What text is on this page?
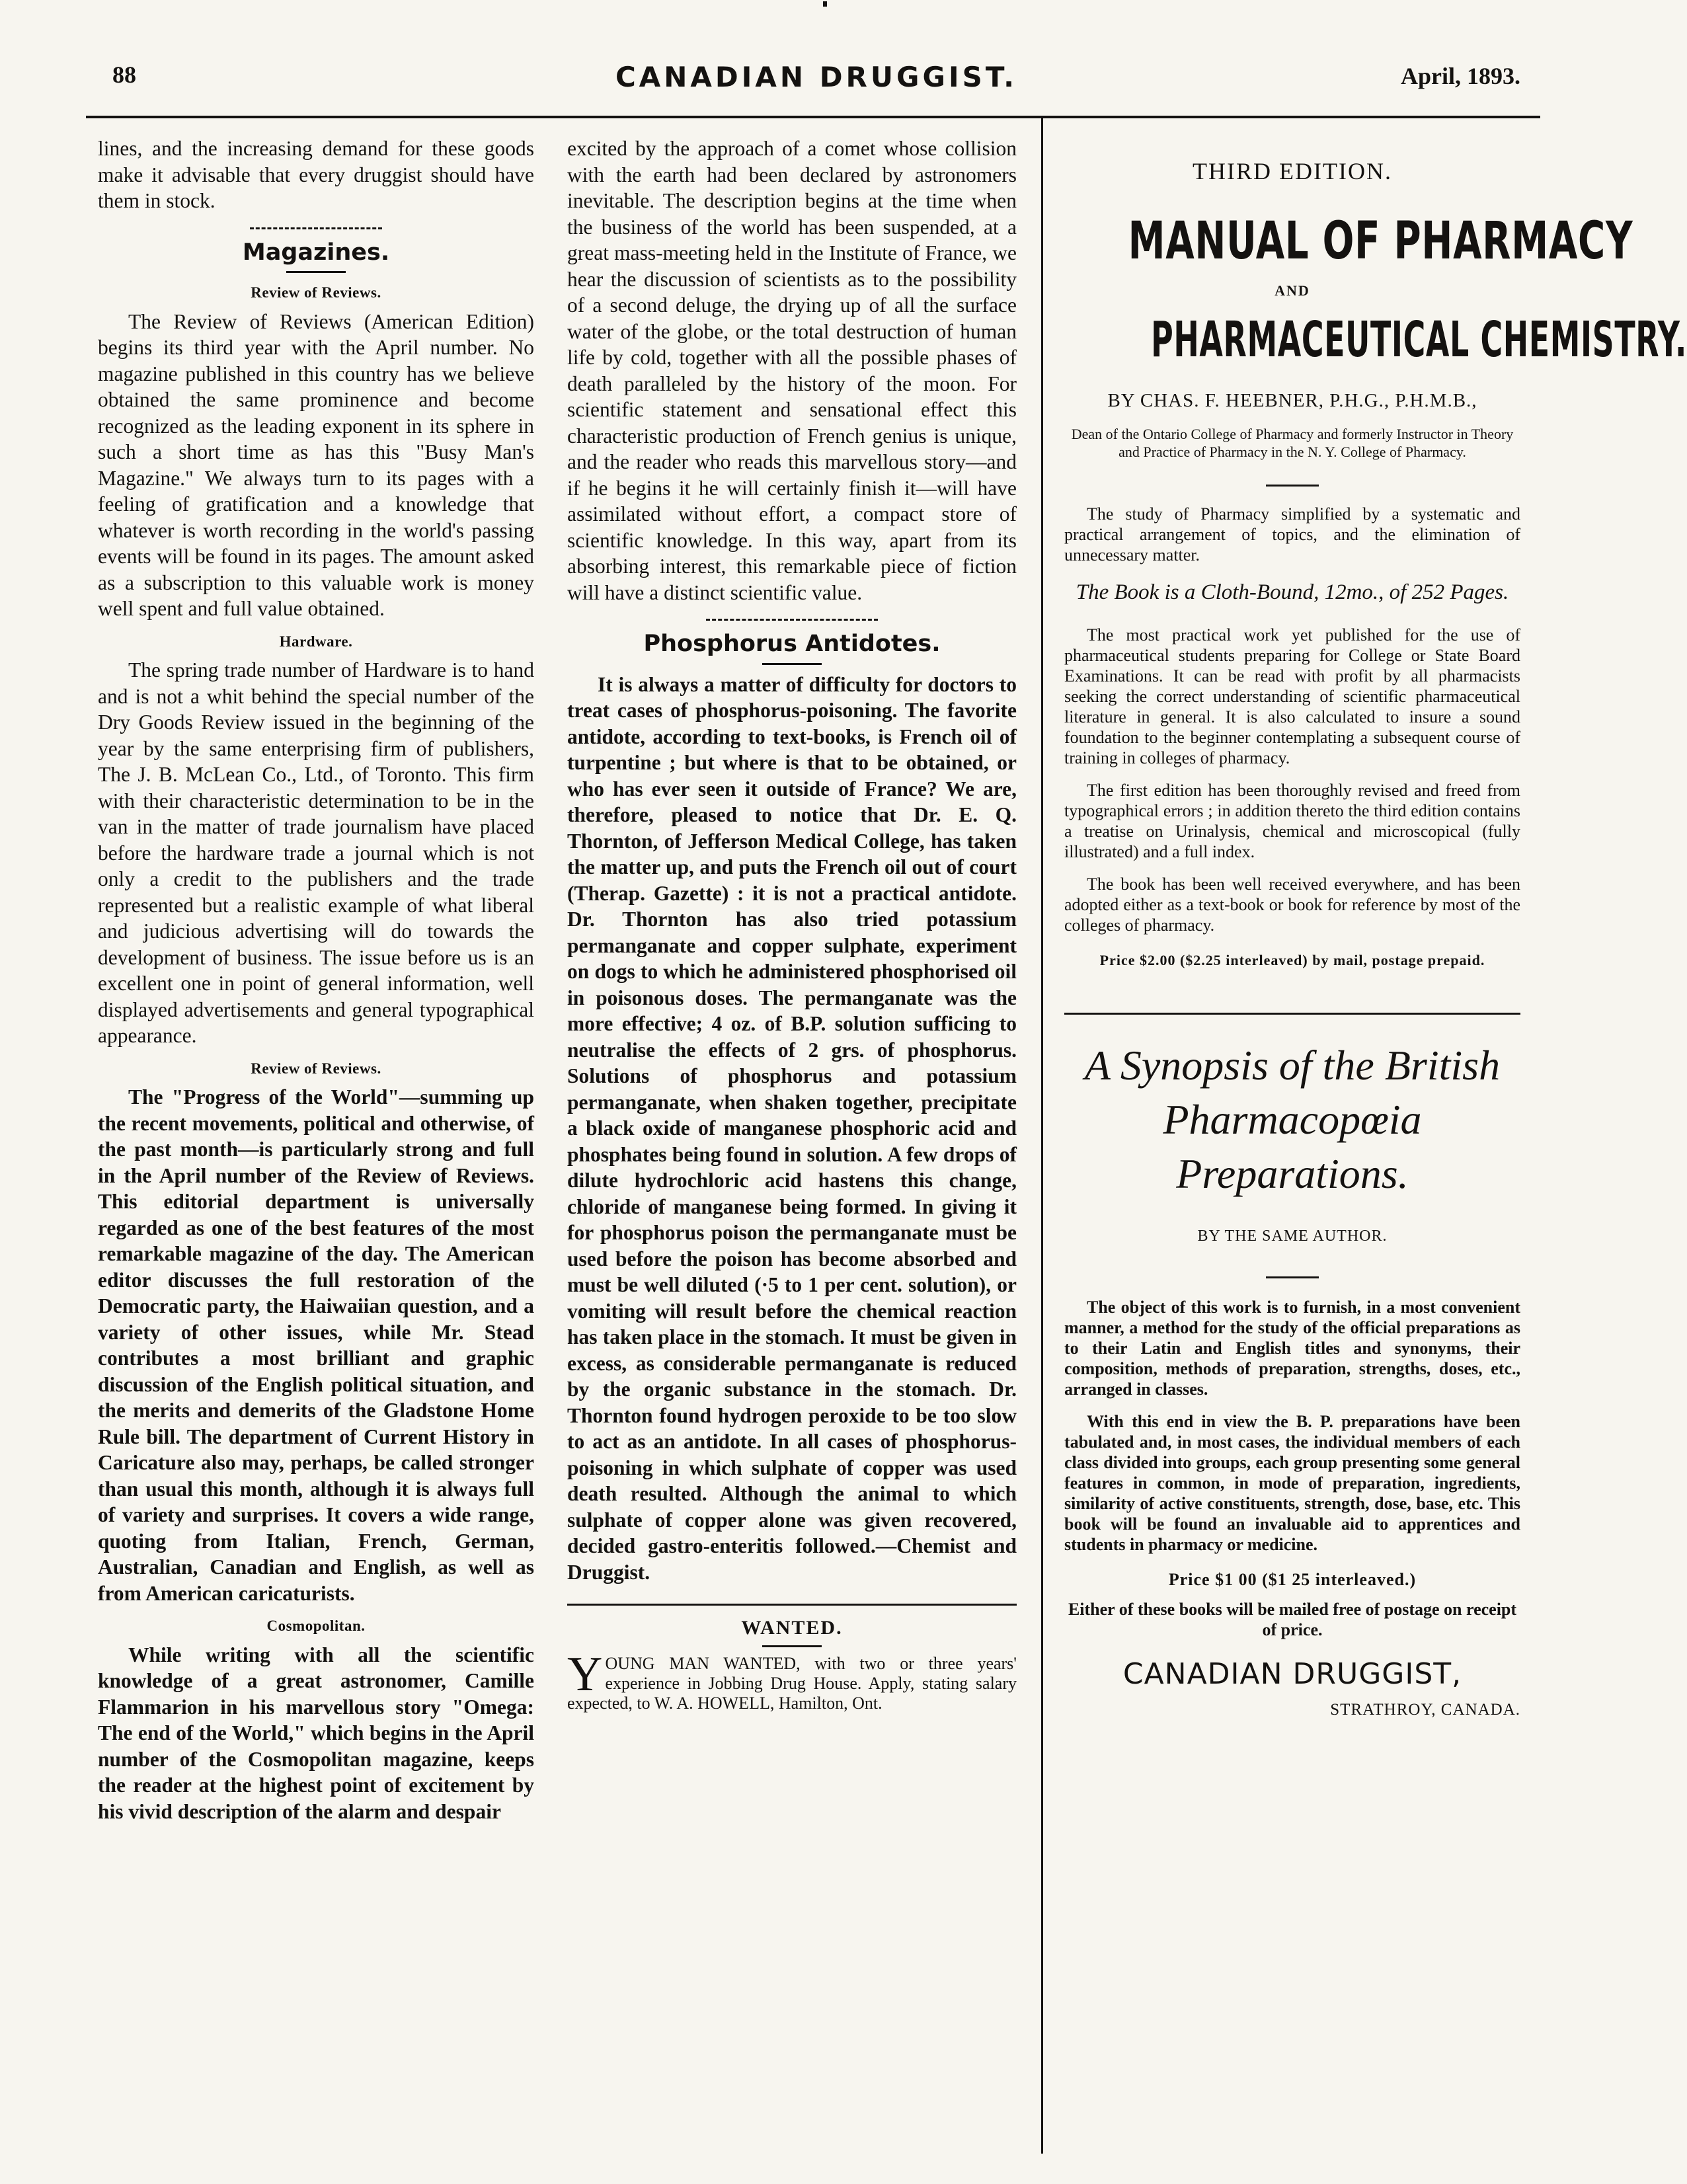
88	CANADIAN DRUGGIST.	April, 1893.

lines, and the increasing demand for these goods make it advisable that every druggist should have them in stock.

Magazines.
Review of Reviews.

The Review of Reviews (American Edition) begins its third year with the April number. No magazine published in this country has we believe obtained the same prominence and become recognized as the leading exponent in its sphere in such a short time as has this "Busy Man's Magazine." We always turn to its pages with a feeling of gratification and a knowledge that whatever is worth recording in the world's passing events will be found in its pages. The amount asked as a subscription to this valuable work is money well spent and full value obtained.

Hardware.

The spring trade number of Hardware is to hand and is not a whit behind the special number of the Dry Goods Review issued in the beginning of the year by the same enterprising firm of publishers, The J. B. McLean Co., Ltd., of Toronto. This firm with their characteristic determination to be in the van in the matter of trade journalism have placed before the hardware trade a journal which is not only a credit to the publishers and the trade represented but a realistic example of what liberal and judicious advertising will do towards the development of business. The issue before us is an excellent one in point of general information, well displayed advertisements and general typographical appearance.

Review of Reviews.

The "Progress of the World"—summing up the recent movements, political and otherwise, of the past month—is particularly strong and full in the April number of the Review of Reviews. This editorial department is universally regarded as one of the best features of the most remarkable magazine of the day. The American editor discusses the full restoration of the Democratic party, the Haiwaiian question, and a variety of other issues, while Mr. Stead contributes a most brilliant and graphic discussion of the English political situation, and the merits and demerits of the Gladstone Home Rule bill. The department of Current History in Caricature also may, perhaps, be called stronger than usual this month, although it is always full of variety and surprises. It covers a wide range, quoting from Italian, French, German, Australian, Canadian and English, as well as from American caricaturists.

Cosmopolitan.

While writing with all the scientific knowledge of a great astronomer, Camille Flammarion in his marvellous story "Omega: The end of the World," which begins in the April number of the Cosmopolitan magazine, keeps the reader at the highest point of excitement by his vivid description of the alarm and despair

excited by the approach of a comet whose collision with the earth had been declared by astronomers inevitable. The description begins at the time when the business of the world has been suspended, at a great mass-meeting held in the Institute of France, we hear the discussion of scientists as to the possibility of a second deluge, the drying up of all the surface water of the globe, or the total destruction of human life by cold, together with all the possible phases of death paralleled by the history of the moon. For scientific statement and sensational effect this characteristic production of French genius is unique, and the reader who reads this marvellous story—and if he begins it he will certainly finish it—will have assimilated without effort, a compact store of scientific knowledge. In this way, apart from its absorbing interest, this remarkable piece of fiction will have a distinct scientific value.

Phosphorus Antidotes.

It is always a matter of difficulty for doctors to treat cases of phosphorus-poisoning. The favorite antidote, according to text-books, is French oil of turpentine ; but where is that to be obtained, or who has ever seen it outside of France? We are, therefore, pleased to notice that Dr. E. Q. Thornton, of Jefferson Medical College, has taken the matter up, and puts the French oil out of court (Therap. Gazette) : it is not a practical antidote. Dr. Thornton has also tried potassium permanganate and copper sulphate, experiment on dogs to which he administered phosphorised oil in poisonous doses. The permanganate was the more effective; 4 oz. of B.P. solution sufficing to neutralise the effects of 2 grs. of phosphorus. Solutions of phosphorus and potassium permanganate, when shaken together, precipitate a black oxide of manganese phosphoric acid and phosphates being found in solution. A few drops of dilute hydrochloric acid hastens this change, chloride of manganese being formed. In giving it for phosphorus poison the permanganate must be used before the poison has become absorbed and must be well diluted (·5 to 1 per cent. solution), or vomiting will result before the chemical reaction has taken place in the stomach. It must be given in excess, as considerable permanganate is reduced by the organic substance in the stomach. Dr. Thornton found hydrogen peroxide to be too slow to act as an antidote. In all cases of phosphorus-poisoning in which sulphate of copper was used death resulted. Although the animal to which sulphate of copper alone was given recovered, decided gastro-enteritis followed.—Chemist and Druggist.

WANTED.
Y OUNG MAN WANTED, with two or three years' experience in Jobbing Drug House. Apply, stating salary expected, to W. A. HOWELL, Hamilton, Ont.
THIRD EDITION.
MANUAL OF PHARMACY
AND
PHARMACEUTICAL CHEMISTRY.
BY CHAS. F. HEEBNER, P.H.G., P.H.M.B.,
Dean of the Ontario College of Pharmacy and formerly Instructor in Theory and Practice of Pharmacy in the N. Y. College of Pharmacy.

The study of Pharmacy simplified by a systematic and practical arrangement of topics, and the elimination of unnecessary matter.

The Book is a Cloth-Bound, 12mo., of 252 Pages.

The most practical work yet published for the use of pharmaceutical students preparing for College or State Board Examinations. It can be read with profit by all pharmacists seeking the correct understanding of scientific pharmaceutical literature in general. It is also calculated to insure a sound foundation to the beginner contemplating a subsequent course of training in colleges of pharmacy.

The first edition has been thoroughly revised and freed from typographical errors ; in addition thereto the third edition contains a treatise on Urinalysis, chemical and microscopical (fully illustrated) and a full index.

The book has been well received everywhere, and has been adopted either as a text-book or book for reference by most of the colleges of pharmacy.

Price $2.00 ($2.25 interleaved) by mail, postage prepaid.
A Synopsis of the British Pharmacopœia Preparations.
BY THE SAME AUTHOR.

The object of this work is to furnish, in a most convenient manner, a method for the study of the official preparations as to their Latin and English titles and synonyms, their composition, methods of preparation, strengths, doses, etc., arranged in classes.

With this end in view the B. P. preparations have been tabulated and, in most cases, the individual members of each class divided into groups, each group presenting some general features in common, in mode of preparation, ingredients, similarity of active constituents, strength, dose, base, etc. This book will be found an invaluable aid to apprentices and students in pharmacy or medicine.

Price $1 00 ($1 25 interleaved.)
Either of these books will be mailed free of postage on receipt of price.
CANADIAN DRUGGIST,
STRATHROY, CANADA.
